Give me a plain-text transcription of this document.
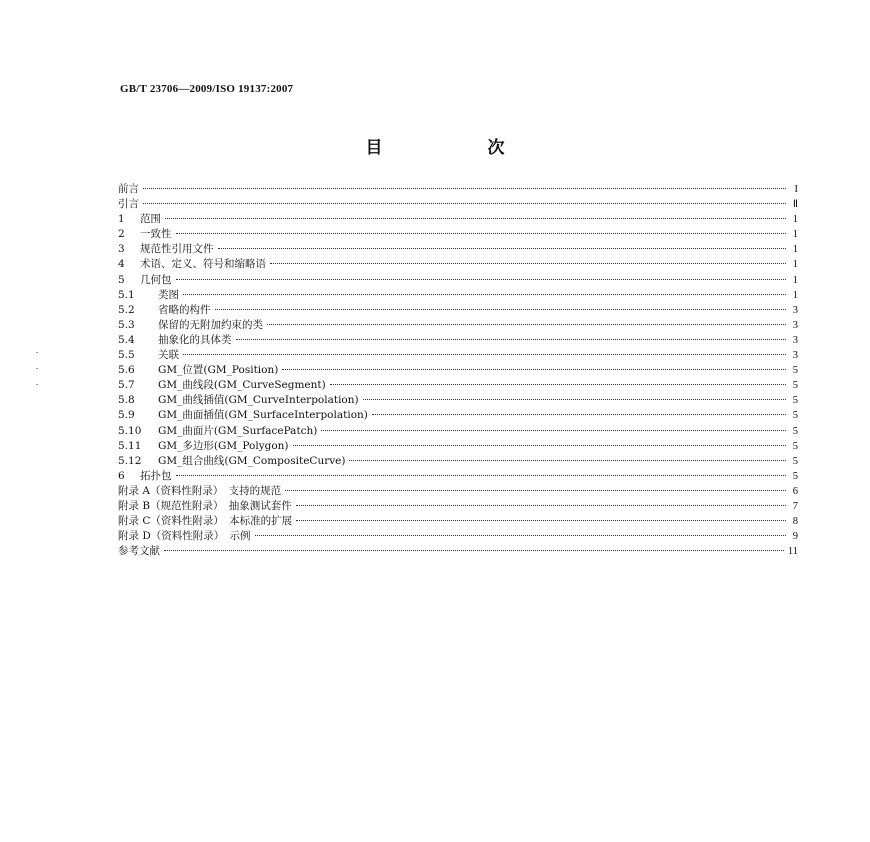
GB/T 23706—2009/ISO 19137:2007
目　次
前言	I
引言	Ⅱ
1 范围	1
2 一致性	1
3 规范性引用文件	1
4 术语、定义、符号和缩略语	1
5 几何包	1
5.1 类图	1
5.2 省略的构件	3
5.3 保留的无附加约束的类	3
5.4 抽象化的具体类	3
5.5 关联	3
5.6 GM_位置(GM_Position)	5
5.7 GM_曲线段(GM_CurveSegment)	5
5.8 GM_曲线插值(GM_CurveInterpolation)	5
5.9 GM_曲面插值(GM_SurfaceInterpolation)	5
5.10 GM_曲面片(GM_SurfacePatch)	5
5.11 GM_多边形(GM_Polygon)	5
5.12 GM_组合曲线(GM_CompositeCurve)	5
6 拓扑包	5
附录 A（资料性附录）　支持的规范	6
附录 B（规范性附录）　抽象测试套件	7
附录 C（资料性附录）　本标准的扩展	8
附录 D（资料性附录）　示例	9
参考文献	11
